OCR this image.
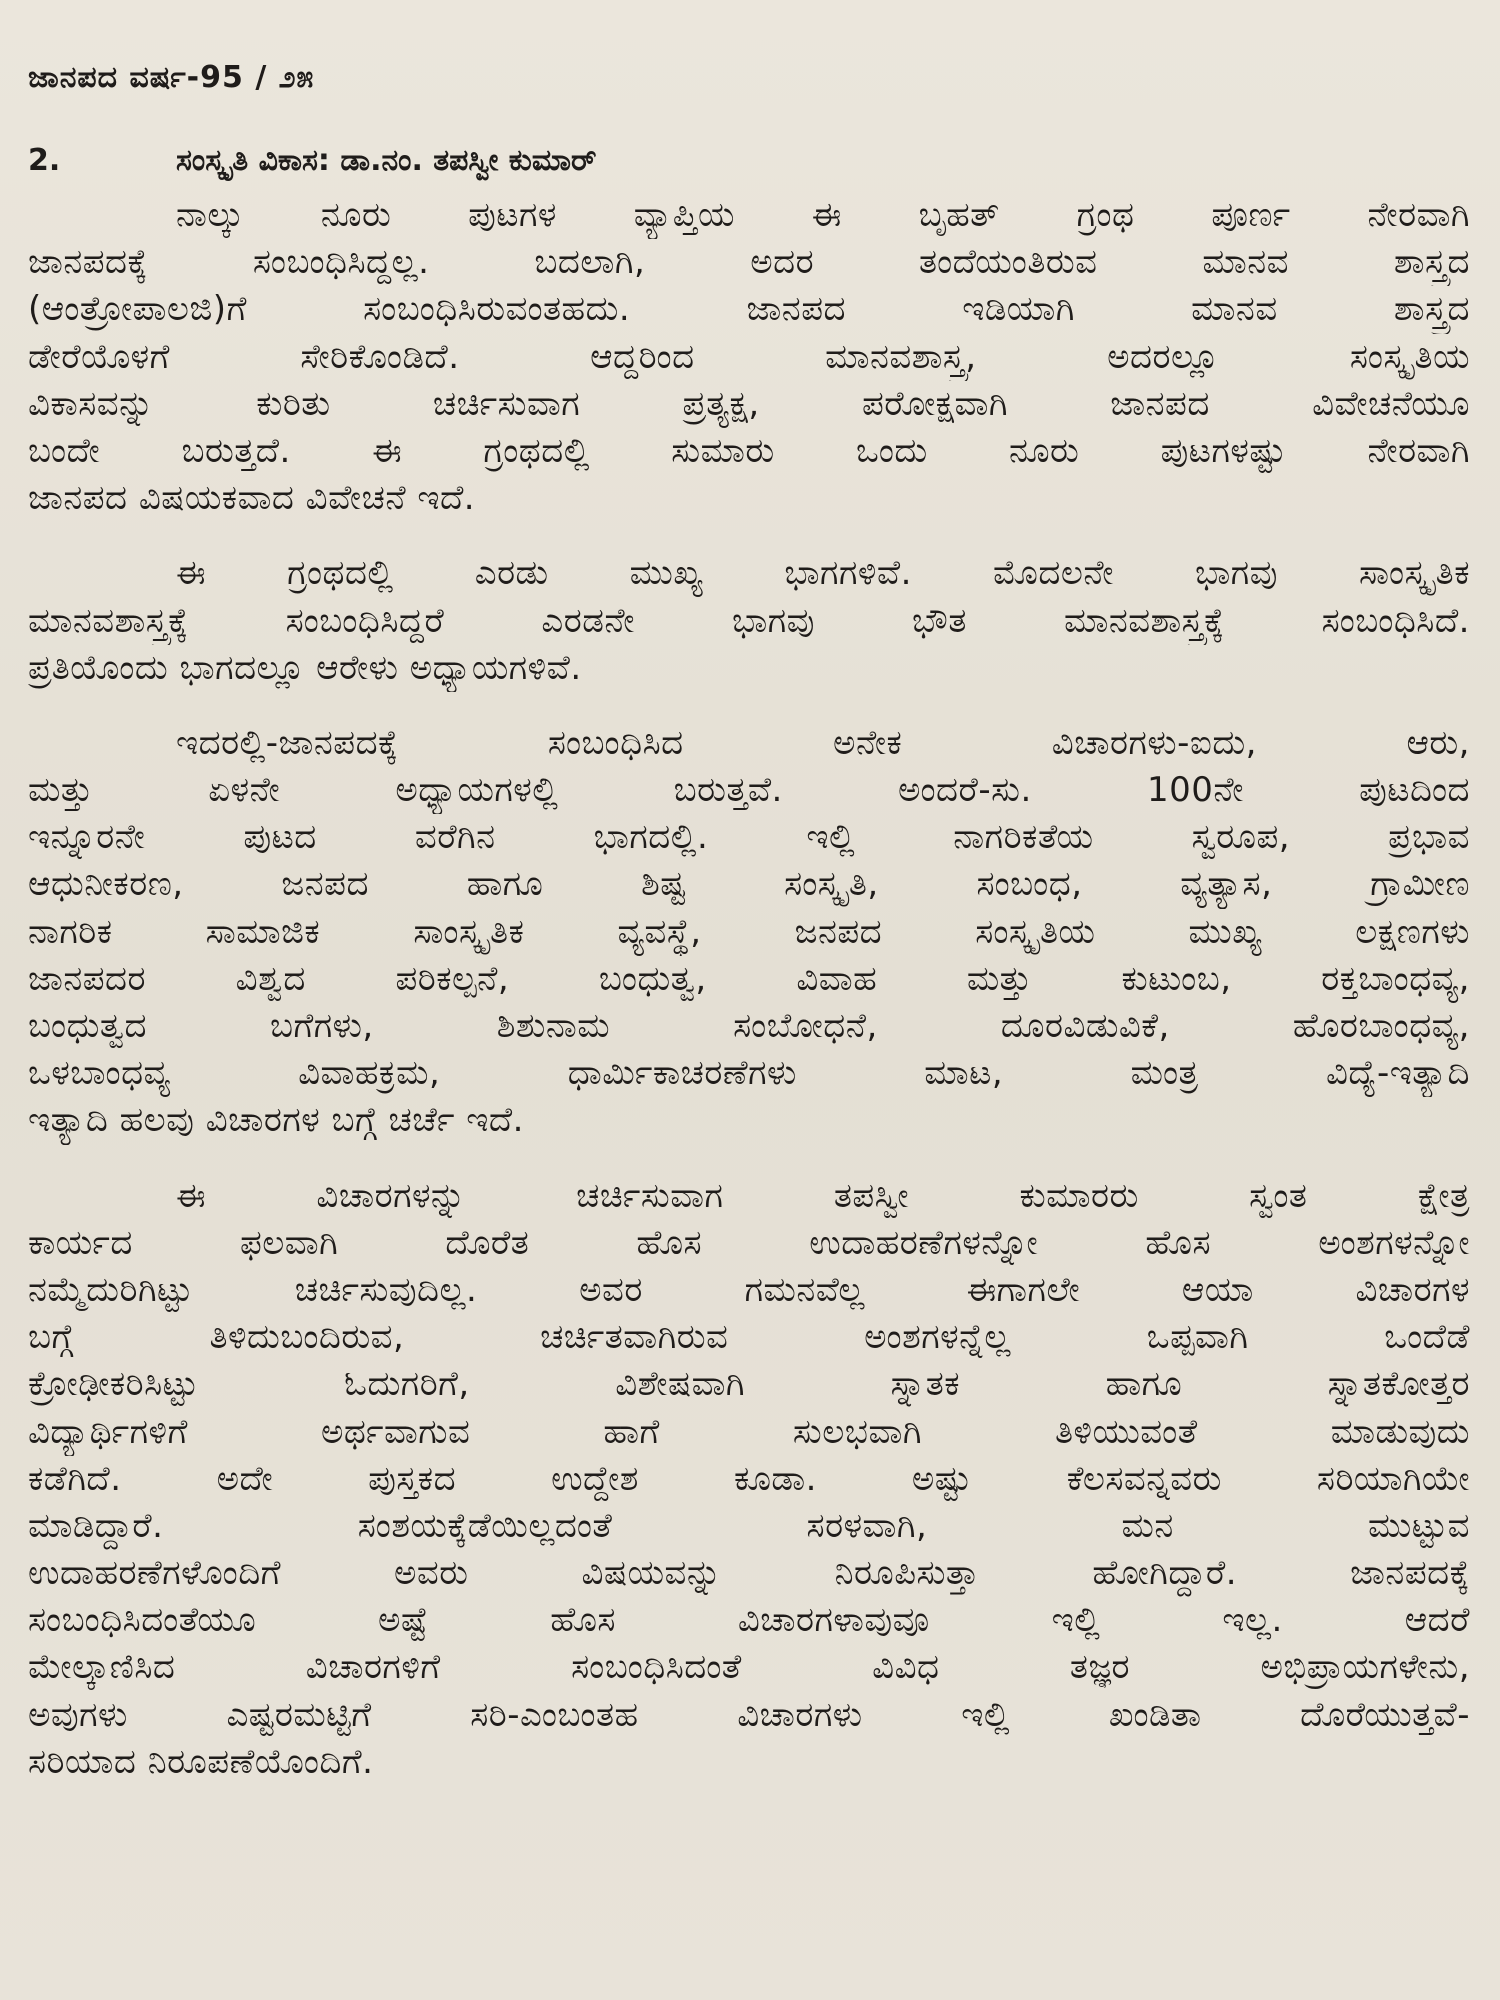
ಜಾನಪದ ವರ್ಷ-95 / ೨೫
2.	ಸಂಸ್ಕೃತಿ ವಿಕಾಸ: ಡಾ.ನಂ. ತಪಸ್ವೀ ಕುಮಾರ್
ನಾಲ್ಕು ನೂರು ಪುಟಗಳ ವ್ಯಾಪ್ತಿಯ ಈ ಬೃಹತ್ ಗ್ರಂಥ ಪೂರ್ಣ ನೇರವಾಗಿ
ಜಾನಪದಕ್ಕೆ ಸಂಬಂಧಿಸಿದ್ದಲ್ಲ. ಬದಲಾಗಿ, ಅದರ ತಂದೆಯಂತಿರುವ ಮಾನವ ಶಾಸ್ತ್ರದ
(ಆಂತ್ರೋಪಾಲಜಿ)ಗೆ ಸಂಬಂಧಿಸಿರುವಂತಹದು. ಜಾನಪದ ಇಡಿಯಾಗಿ ಮಾನವ ಶಾಸ್ತ್ರದ
ಡೇರೆಯೊಳಗೆ ಸೇರಿಕೊಂಡಿದೆ. ಆದ್ದರಿಂದ ಮಾನವಶಾಸ್ತ್ರ, ಅದರಲ್ಲೂ ಸಂಸ್ಕೃತಿಯ
ವಿಕಾಸವನ್ನು ಕುರಿತು ಚರ್ಚಿಸುವಾಗ ಪ್ರತ್ಯಕ್ಷ, ಪರೋಕ್ಷವಾಗಿ ಜಾನಪದ ವಿವೇಚನೆಯೂ
ಬಂದೇ ಬರುತ್ತದೆ. ಈ ಗ್ರಂಥದಲ್ಲಿ ಸುಮಾರು ಒಂದು ನೂರು ಪುಟಗಳಷ್ಟು ನೇರವಾಗಿ
ಜಾನಪದ ವಿಷಯಕವಾದ ವಿವೇಚನೆ ಇದೆ.
ಈ ಗ್ರಂಥದಲ್ಲಿ ಎರಡು ಮುಖ್ಯ ಭಾಗಗಳಿವೆ. ಮೊದಲನೇ ಭಾಗವು ಸಾಂಸ್ಕೃತಿಕ
ಮಾನವಶಾಸ್ತ್ರಕ್ಕೆ ಸಂಬಂಧಿಸಿದ್ದರೆ ಎರಡನೇ ಭಾಗವು ಭೌತ ಮಾನವಶಾಸ್ತ್ರಕ್ಕೆ ಸಂಬಂಧಿಸಿದೆ.
ಪ್ರತಿಯೊಂದು ಭಾಗದಲ್ಲೂ ಆರೇಳು ಅಧ್ಯಾಯಗಳಿವೆ.
ಇದರಲ್ಲಿ-ಜಾನಪದಕ್ಕೆ ಸಂಬಂಧಿಸಿದ ಅನೇಕ ವಿಚಾರಗಳು-ಐದು, ಆರು,
ಮತ್ತು ಏಳನೇ ಅಧ್ಯಾಯಗಳಲ್ಲಿ ಬರುತ್ತವೆ. ಅಂದರೆ-ಸು. 100ನೇ ಪುಟದಿಂದ
ಇನ್ನೂರನೇ ಪುಟದ ವರೆಗಿನ ಭಾಗದಲ್ಲಿ. ಇಲ್ಲಿ ನಾಗರಿಕತೆಯ ಸ್ವರೂಪ, ಪ್ರಭಾವ
ಆಧುನೀಕರಣ, ಜನಪದ ಹಾಗೂ ಶಿಷ್ಟ ಸಂಸ್ಕೃತಿ, ಸಂಬಂಧ, ವ್ಯತ್ಯಾಸ, ಗ್ರಾಮೀಣ
ನಾಗರಿಕ ಸಾಮಾಜಿಕ ಸಾಂಸ್ಕೃತಿಕ ವ್ಯವಸ್ಥೆ, ಜನಪದ ಸಂಸ್ಕೃತಿಯ ಮುಖ್ಯ ಲಕ್ಷಣಗಳು
ಜಾನಪದರ ವಿಶ್ವದ ಪರಿಕಲ್ಪನೆ, ಬಂಧುತ್ವ, ವಿವಾಹ ಮತ್ತು ಕುಟುಂಬ, ರಕ್ತಬಾಂಧವ್ಯ,
ಬಂಧುತ್ವದ ಬಗೆಗಳು, ಶಿಶುನಾಮ ಸಂಬೋಧನೆ, ದೂರವಿಡುವಿಕೆ, ಹೊರಬಾಂಧವ್ಯ,
ಒಳಬಾಂಧವ್ಯ ವಿವಾಹಕ್ರಮ, ಧಾರ್ಮಿಕಾಚರಣೆಗಳು ಮಾಟ, ಮಂತ್ರ ವಿದ್ಯೆ-ಇತ್ಯಾದಿ
ಇತ್ಯಾದಿ ಹಲವು ವಿಚಾರಗಳ ಬಗ್ಗೆ ಚರ್ಚೆ ಇದೆ.
ಈ ವಿಚಾರಗಳನ್ನು ಚರ್ಚಿಸುವಾಗ ತಪಸ್ವೀ ಕುಮಾರರು ಸ್ವಂತ ಕ್ಷೇತ್ರ
ಕಾರ್ಯದ ಫಲವಾಗಿ ದೊರೆತ ಹೊಸ ಉದಾಹರಣೆಗಳನ್ನೋ ಹೊಸ ಅಂಶಗಳನ್ನೋ
ನಮ್ಮೆದುರಿಗಿಟ್ಟು ಚರ್ಚಿಸುವುದಿಲ್ಲ. ಅವರ ಗಮನವೆಲ್ಲ ಈಗಾಗಲೇ ಆಯಾ ವಿಚಾರಗಳ
ಬಗ್ಗೆ ತಿಳಿದುಬಂದಿರುವ, ಚರ್ಚಿತವಾಗಿರುವ ಅಂಶಗಳನ್ನೆಲ್ಲ ಒಪ್ಪವಾಗಿ ಒಂದೆಡೆ
ಕ್ರೋಢೀಕರಿಸಿಟ್ಟು ಓದುಗರಿಗೆ, ವಿಶೇಷವಾಗಿ ಸ್ನಾತಕ ಹಾಗೂ ಸ್ನಾತಕೋತ್ತರ
ವಿದ್ಯಾರ್ಥಿಗಳಿಗೆ ಅರ್ಥವಾಗುವ ಹಾಗೆ ಸುಲಭವಾಗಿ ತಿಳಿಯುವಂತೆ ಮಾಡುವುದು
ಕಡೆಗಿದೆ. ಅದೇ ಪುಸ್ತಕದ ಉದ್ದೇಶ ಕೂಡಾ. ಅಷ್ಟು ಕೆಲಸವನ್ನವರು ಸರಿಯಾಗಿಯೇ
ಮಾಡಿದ್ದಾರೆ. ಸಂಶಯಕ್ಕೆಡೆಯಿಲ್ಲದಂತೆ ಸರಳವಾಗಿ, ಮನ ಮುಟ್ಟುವ
ಉದಾಹರಣೆಗಳೊಂದಿಗೆ ಅವರು ವಿಷಯವನ್ನು ನಿರೂಪಿಸುತ್ತಾ ಹೋಗಿದ್ದಾರೆ. ಜಾನಪದಕ್ಕೆ
ಸಂಬಂಧಿಸಿದಂತೆಯೂ ಅಷ್ಟೆ ಹೊಸ ವಿಚಾರಗಳಾವುವೂ ಇಲ್ಲಿ ಇಲ್ಲ. ಆದರೆ
ಮೇಲ್ಕಾಣಿಸಿದ ವಿಚಾರಗಳಿಗೆ ಸಂಬಂಧಿಸಿದಂತೆ ವಿವಿಧ ತಜ್ಞರ ಅಭಿಪ್ರಾಯಗಳೇನು,
ಅವುಗಳು ಎಷ್ಟರಮಟ್ಟಿಗೆ ಸರಿ-ಎಂಬಂತಹ ವಿಚಾರಗಳು ಇಲ್ಲಿ ಖಂಡಿತಾ ದೊರೆಯುತ್ತವೆ-
ಸರಿಯಾದ ನಿರೂಪಣೆಯೊಂದಿಗೆ.
